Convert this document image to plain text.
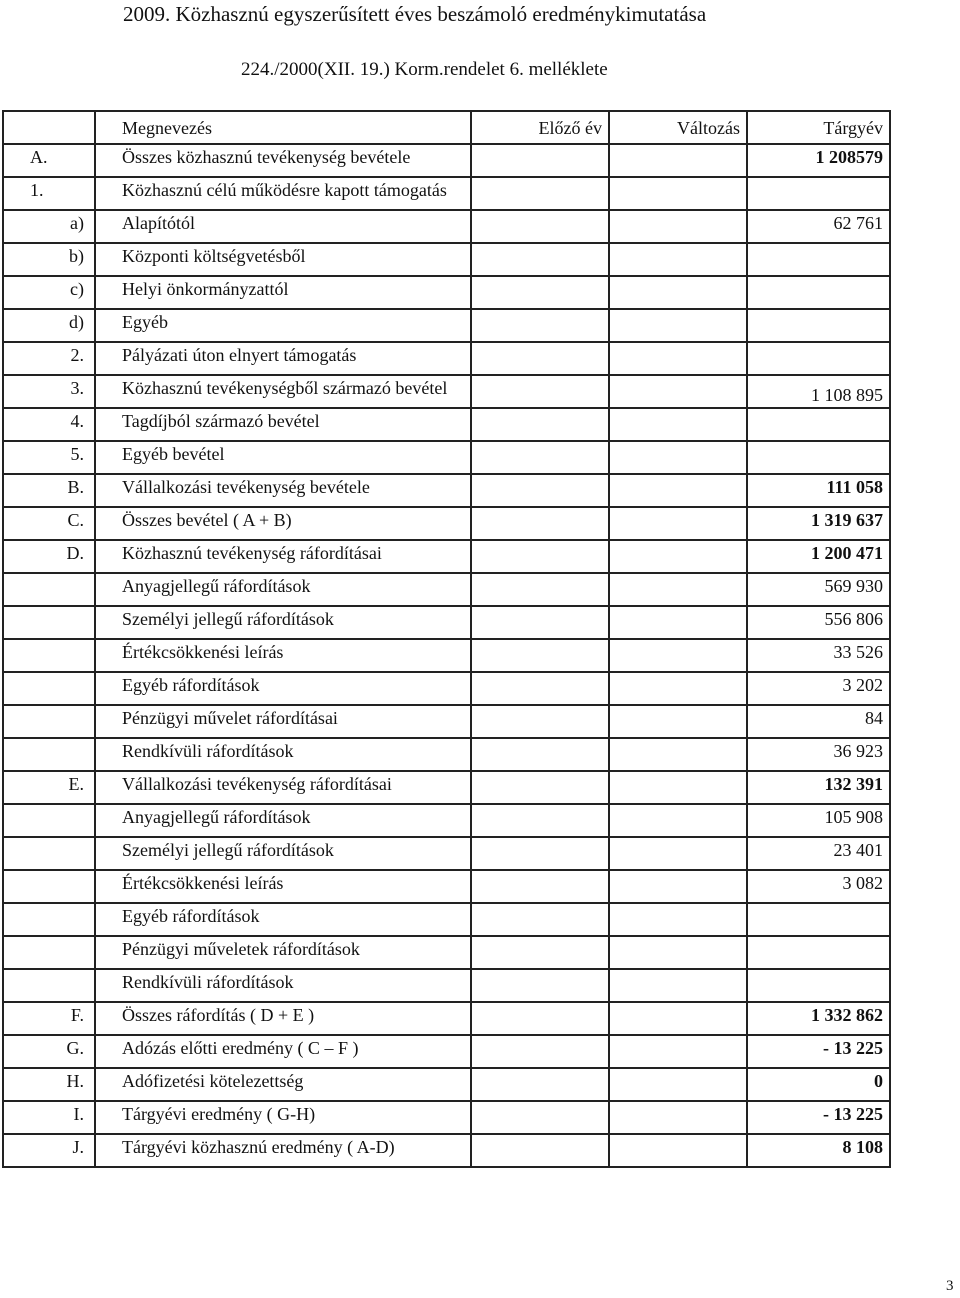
2009. Közhasznú egyszerűsített éves beszámoló eredménykimutatása
224./2000(XII. 19.) Korm.rendelet 6. melléklete
	Megnevezés	Előző év	Változás	Tárgyév
A.	Összes közhasznú tevékenység bevétele			1 208579
1.	Közhasznú célú működésre kapott támogatás			
a)	Alapítótól			62 761
b)	Központi költségvetésből			
c)	Helyi önkormányzattól			
d)	Egyéb			
2.	Pályázati úton elnyert támogatás			
3.	Közhasznú tevékenységből származó bevétel			1 108 895
4.	Tagdíjból származó bevétel			
5.	Egyéb bevétel			
B.	Vállalkozási tevékenység bevétele			111 058
C.	Összes bevétel ( A + B)			1 319 637
D.	Közhasznú tevékenység ráfordításai			1 200 471
	Anyagjellegű ráfordítások			569 930
	Személyi jellegű ráfordítások			556 806
	Értékcsökkenési leírás			33 526
	Egyéb ráfordítások			3 202
	Pénzügyi művelet ráfordításai			84
	Rendkívüli ráfordítások			36 923
E.	Vállalkozási tevékenység ráfordításai			132 391
	Anyagjellegű ráfordítások			105 908
	Személyi jellegű ráfordítások			23 401
	Értékcsökkenési leírás			3 082
	Egyéb ráfordítások			
	Pénzügyi műveletek ráfordítások			
	Rendkívüli ráfordítások			
F.	Összes ráfordítás ( D + E )			1 332 862
G.	Adózás előtti eredmény ( C – F )			- 13 225
H.	Adófizetési kötelezettség			0
I.	Tárgyévi eredmény ( G-H)			- 13 225
J.	Tárgyévi közhasznú eredmény ( A-D)			8 108
3
